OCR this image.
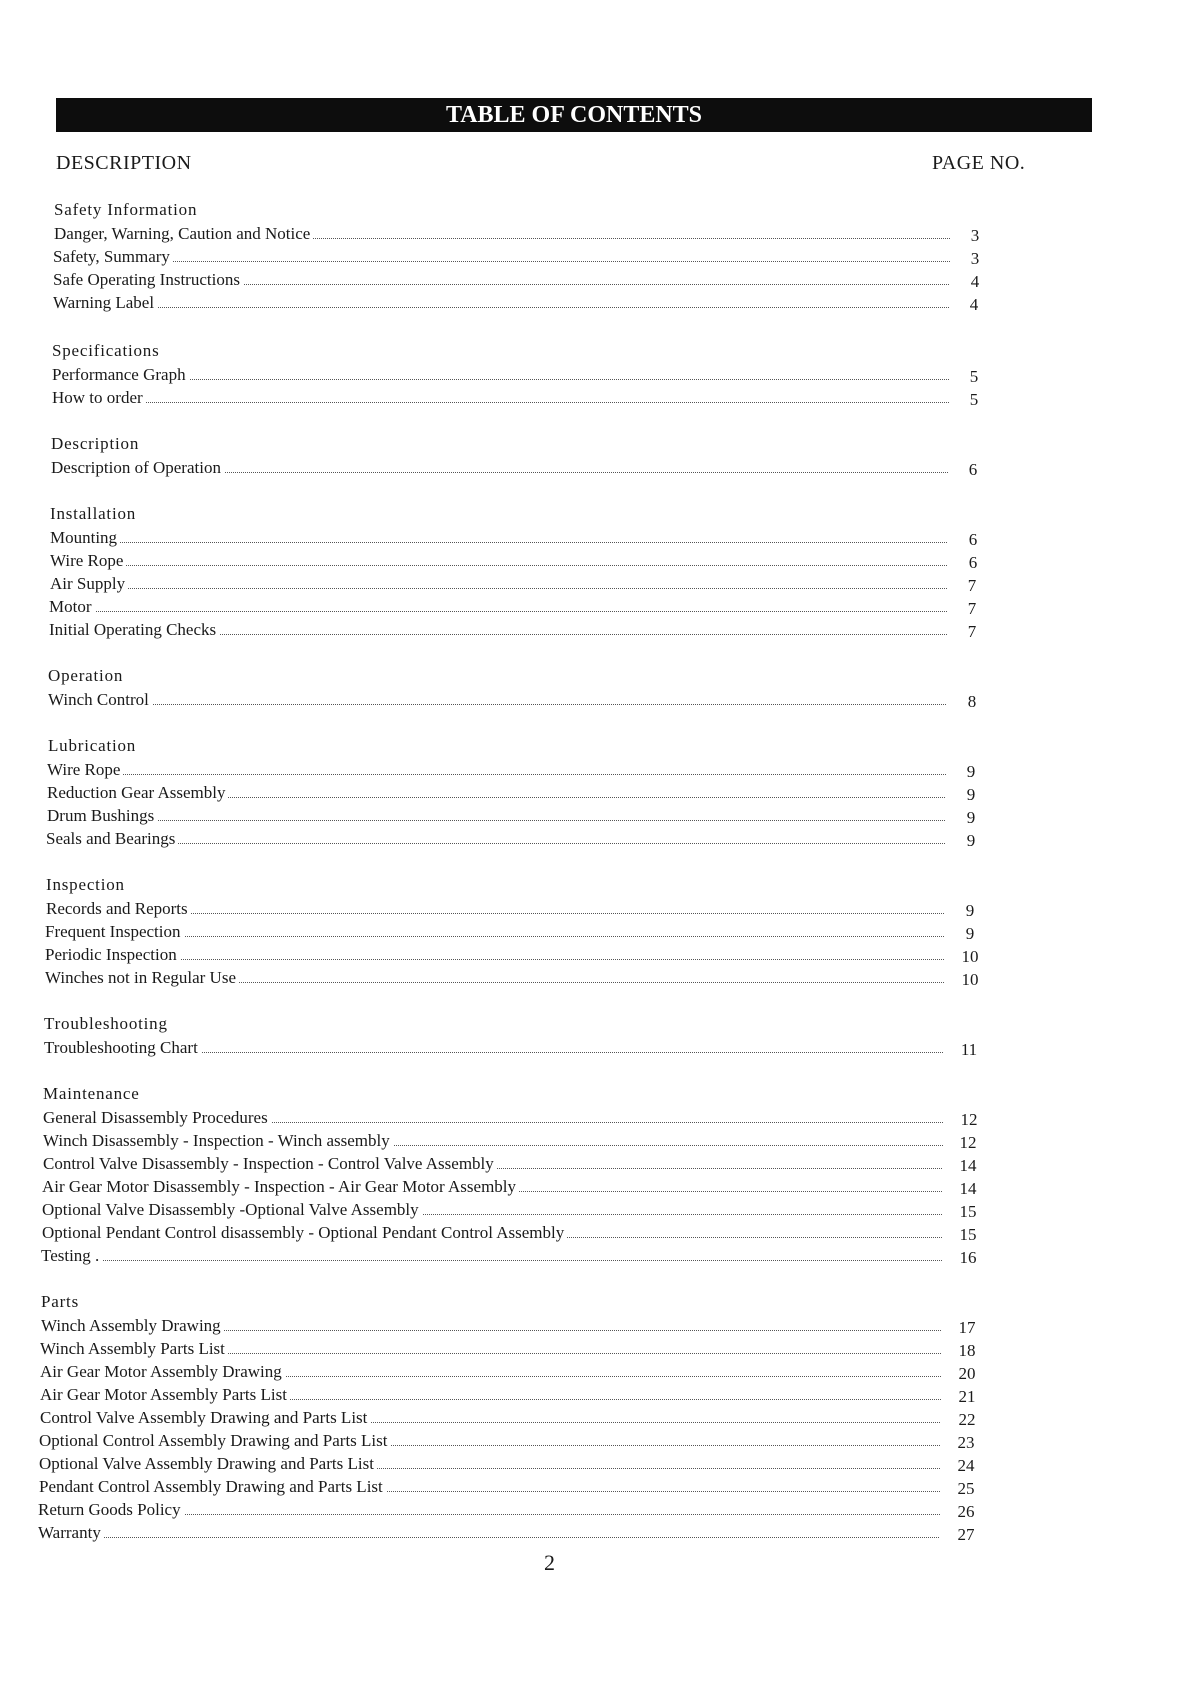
TABLE OF CONTENTS
DESCRIPTION	PAGE NO.
Safety Information
Danger, Warning, Caution and Notice	3
Safety, Summary	3
Safe Operating Instructions	4
Warning Label	4
Specifications
Performance Graph	5
How to order	5
Description
Description of Operation	6
Installation
Mounting	6
Wire Rope	6
Air Supply	7
Motor	7
Initial Operating Checks	7
Operation
Winch Control	8
Lubrication
Wire Rope	9
Reduction Gear Assembly	9
Drum Bushings	9
Seals and Bearings	9
Inspection
Records and Reports	9
Frequent Inspection	9
Periodic Inspection	10
Winches not in Regular Use	10
Troubleshooting
Troubleshooting Chart	11
Maintenance
General Disassembly Procedures	12
Winch Disassembly - Inspection - Winch assembly	12
Control Valve Disassembly - Inspection - Control Valve Assembly	14
Air Gear Motor Disassembly - Inspection - Air Gear Motor Assembly	14
Optional Valve Disassembly -Optional Valve Assembly	15
Optional Pendant Control disassembly - Optional Pendant Control Assembly	15
Testing .	16
Parts
Winch Assembly Drawing	17
Winch Assembly Parts List	18
Air Gear Motor Assembly Drawing	20
Air Gear Motor Assembly Parts List	21
Control Valve Assembly Drawing and Parts List	22
Optional Control Assembly Drawing and Parts List	23
Optional Valve Assembly Drawing and Parts List	24
Pendant Control Assembly Drawing and Parts List	25
Return Goods Policy	26
Warranty	27
2
